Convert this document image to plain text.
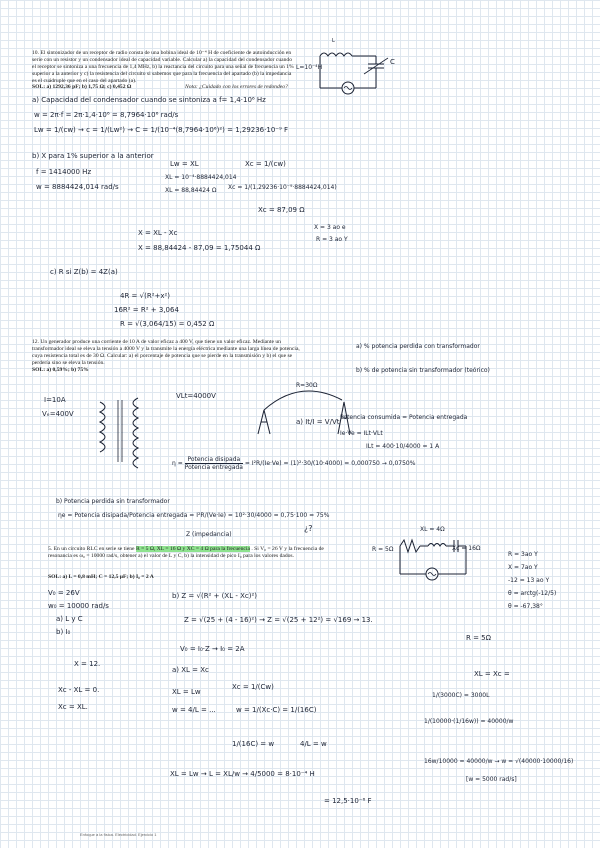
10. El sintonizador de un receptor de radio consta de una bobina ideal de 10⁻⁴ H de coeficiente de autoinducción en serie con un resistor y un condensador ideal de capacidad variable. Calcular a) la capacidad del condensador cuando el receptor se sintoniza a una frecuencia de 1,4 MHz, b) la reactancia del circuito para una señal de frecuencia un 1% superior a la anterior y c) la resistencia del circuito si sabemos que para la frecuencia del apartado (b) la impedancia es el cuádruple que en el caso del apartado (a).
SOL: a) 1292,36 pF; b) 1,75 Ω; c) 0,452 Ω	Nota: ¿Cuidado con los errores de redondeo?
L
L=10⁻⁴H
C
a) Capacidad del condensador cuando se sintoniza a f= 1,4·10⁶ Hz
w = 2π·f = 2π·1,4·10⁶ = 8,7964·10⁶ rad/s
Lw = 1/(cw) → c = 1/(Lw²) → C = 1/(10⁻⁴(8,7964·10⁶)²) = 1,29236·10⁻⁹ F
b) X para 1% superior a la anterior
f = 1414000 Hz
w = 8884424,014 rad/s
Lw = XL
XL = 10⁻⁴·8884424,014
XL = 88,84424 Ω
Xc = 1/(cw)
Xc = 1/(1,29236·10⁻⁹·8884424,014)
Xc = 87,09 Ω
X = XL - Xc
X = 88,84424 - 87,09 = 1,75044 Ω
X = 3 ao e
R = 3 ao Y
c) R si Z(b) = 4Z(a)
4R = √(R²+x²)
16R² = R² + 3,064
R = √(3,064/15) = 0,452 Ω
12. Un generador produce una corriente de 10 A de valor eficaz a 400 V, que tiene un valor eficaz. Mediante un transformador ideal se eleva la tensión a 4000 V y la transmite la energía eléctrica mediante una larga línea de potencia, cuya resistencia total es de 30 Ω. Calcular: a) el porcentaje de potencia que se pierde en la transmisión y b) el que se perdería sino se eleva la tensión.
SOL: a) 0,59%; b) 75%
a) % potencia perdida con transformador
b) % de potencia sin transformador (teórico)
I=10A
Vₑ=400V
VLt=4000V
R=30Ω
Potencia consumida = Potencia entregada
a) It/I = V/Vt
Ie·Ve = ILt·VLt
ILt = 400·10/4000 = 1 A
$\eta = \frac{\text{Potencia disipada}}{\text{Potencia entregada}} = I^2R/(Ie\cdot Ve) = (1)^2\cdot 30/(10\cdot 4000) = 0,000750 \to 0,0750\%$
b) Potencia perdida sin transformador
ηe = Potencia disipada/Potencia entregada = I²R/(Ve·Ie) = 10²·30/4000 = 0,75·100 = 75%
¿?
Z (impedancia)
5. En un circuito RLC en serie se tiene R = 5 Ω, XL = 16 Ω y XC = 4 Ω para la frecuencia . Si V₀ = 26 V y la frecuencia de resonancia es ω₀ = 10000 rad/s, obtener a) el valor de L y C, b) la intensidad de pico I₀ para los valores dados.
SOL: a) L = 0,8 mH; C = 12,5 μF; b) I₀ = 2 A
R = 5Ω
XL = 4Ω
Xc = 16Ω
R = 3ao Y
X = 7ao Y
-12 = 13 ao Y
θ = arctg(-12/5)
θ = -67,38°
V₀ = 26V
w₀ = 10000 rad/s
a) L y C
b) I₀
b) Z = √(R² + (XL - Xc)²)
Z = √(25 + (4 - 16)²) → Z = √(25 + 12²) = √169 → 13.
V₀ = I₀·Z → I₀ = 2A
R = 5Ω
a) XL = Xc
X = 12.
Xc - XL = 0.
Xc = XL.
XL = Lw
Xc = 1/(Cw)
w = 4/L = ...	w = 1/(Xc·C) = 1/(16C)
1/(16C) = w	4/L = w
XL = Xc =
1/(3000C) = 3000L
1/(10000·(1/16w)) = 40000/w
16w/10000 = 40000/w → w = √(40000·10000/16)
[w = 5000 rad/s]
XL = Lw → L = XL/w → 4/5000 = 8·10⁻⁴ H
= 12,5·10⁻⁶ F
Enfoque a la física. Electricidad. Ejercicio 1
